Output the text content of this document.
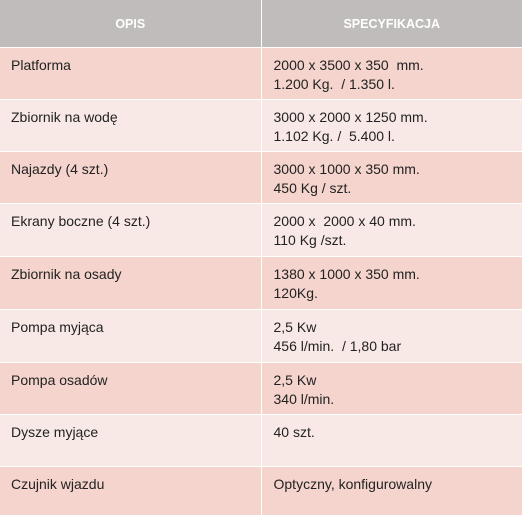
OPIS	SPECYFIKACJA
Platforma	2000 x 3500 x 350  mm.
1.200 Kg.  / 1.350 l.

Zbiornik na wodę	3000 x 2000 x 1250 mm.
1.102 Kg. /  5.400 l.

Najazdy (4 szt.)	3000 x 1000 x 350 mm.
450 Kg / szt.

Ekrany boczne (4 szt.)	2000 x  2000 x 40 mm.
110 Kg /szt.

Zbiornik na osady	1380 x 1000 x 350 mm.
120Kg.

Pompa myjąca	2,5 Kw
456 l/min.  / 1,80 bar

Pompa osadów	2,5 Kw
340 l/min.

Dysze myjące	40 szt.

Czujnik wjazdu	Optyczny, konfigurowalny
